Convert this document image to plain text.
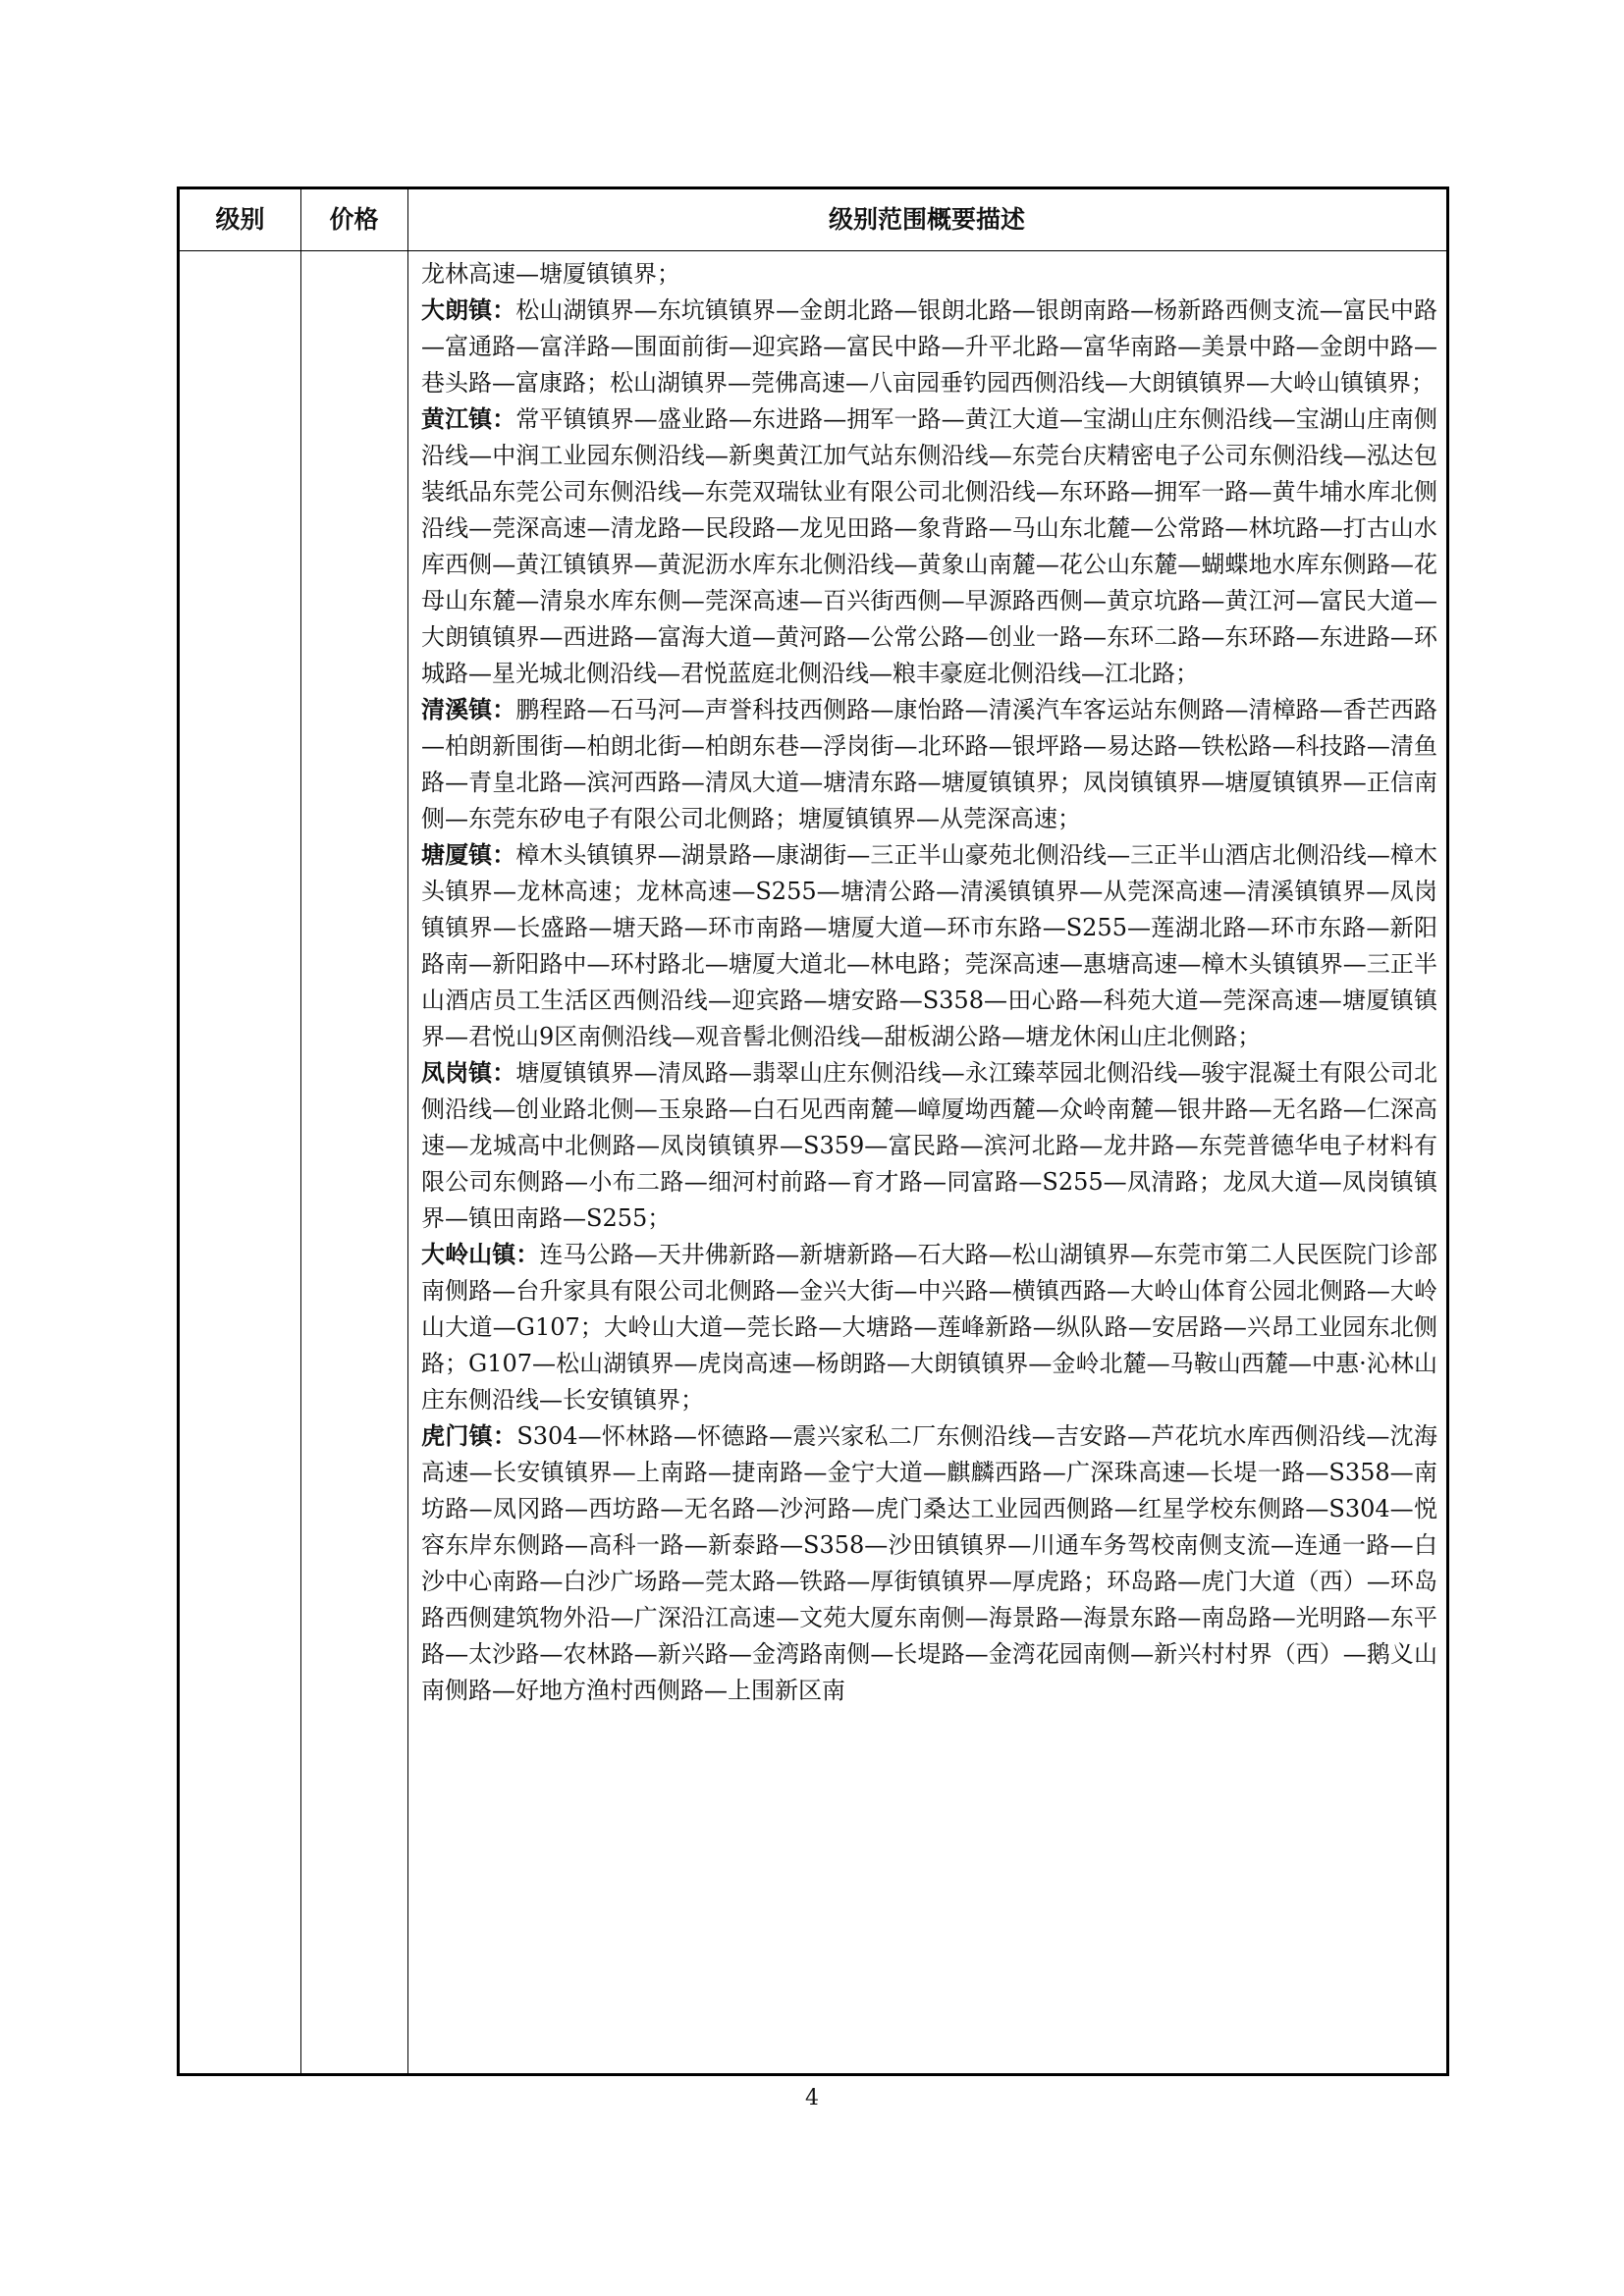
级别	价格	级别范围概要描述

龙林高速—塘厦镇镇界；

大朗镇：松山湖镇界—东坑镇镇界—金朗北路—银朗北路—银朗南路—杨新路西侧支流—富民中路—富通路—富洋路—围面前街—迎宾路—富民中路—升平北路—富华南路—美景中路—金朗中路—巷头路—富康路；松山湖镇界—莞佛高速—八亩园垂钓园西侧沿线—大朗镇镇界—大岭山镇镇界；

黄江镇：常平镇镇界—盛业路—东进路—拥军一路—黄江大道—宝湖山庄东侧沿线—宝湖山庄南侧沿线—中润工业园东侧沿线—新奥黄江加气站东侧沿线—东莞台庆精密电子公司东侧沿线—泓达包装纸品东莞公司东侧沿线—东莞双瑞钛业有限公司北侧沿线—东环路—拥军一路—黄牛埔水库北侧沿线—莞深高速—清龙路—民段路—龙见田路—象背路—马山东北麓—公常路—林坑路—打古山水库西侧—黄江镇镇界—黄泥沥水库东北侧沿线—黄象山南麓—花公山东麓—蝴蝶地水库东侧路—花母山东麓—清泉水库东侧—莞深高速—百兴街西侧—早源路西侧—黄京坑路—黄江河—富民大道—大朗镇镇界—西进路—富海大道—黄河路—公常公路—创业一路—东环二路—东环路—东进路—环城路—星光城北侧沿线—君悦蓝庭北侧沿线—粮丰豪庭北侧沿线—江北路；

清溪镇：鹏程路—石马河—声誉科技西侧路—康怡路—清溪汽车客运站东侧路—清樟路—香芒西路—柏朗新围街—柏朗北街—柏朗东巷—浮岗街—北环路—银坪路—易达路—铁松路—科技路—清鱼路—青皇北路—滨河西路—清凤大道—塘清东路—塘厦镇镇界；凤岗镇镇界—塘厦镇镇界—正信南侧—东莞东矽电子有限公司北侧路；塘厦镇镇界—从莞深高速；

塘厦镇：樟木头镇镇界—湖景路—康湖街—三正半山豪苑北侧沿线—三正半山酒店北侧沿线—樟木头镇界—龙林高速；龙林高速—S255—塘清公路—清溪镇镇界—从莞深高速—清溪镇镇界—凤岗镇镇界—长盛路—塘天路—环市南路—塘厦大道—环市东路—S255—莲湖北路—环市东路—新阳路南—新阳路中—环村路北—塘厦大道北—林电路；莞深高速—惠塘高速—樟木头镇镇界—三正半山酒店员工生活区西侧沿线—迎宾路—塘安路—S358—田心路—科苑大道—莞深高速—塘厦镇镇界—君悦山9区南侧沿线—观音髻北侧沿线—甜板湖公路—塘龙休闲山庄北侧路；

凤岗镇：塘厦镇镇界—清凤路—翡翠山庄东侧沿线—永江臻萃园北侧沿线—骏宇混凝土有限公司北侧沿线—创业路北侧—玉泉路—白石见西南麓—嶂厦坳西麓—众岭南麓—银井路—无名路—仁深高速—龙城高中北侧路—凤岗镇镇界—S359—富民路—滨河北路—龙井路—东莞普德华电子材料有限公司东侧路—小布二路—细河村前路—育才路—同富路—S255—凤清路；龙凤大道—凤岗镇镇界—镇田南路—S255；

大岭山镇：连马公路—天井佛新路—新塘新路—石大路—松山湖镇界—东莞市第二人民医院门诊部南侧路—台升家具有限公司北侧路—金兴大街—中兴路—横镇西路—大岭山体育公园北侧路—大岭山大道—G107；大岭山大道—莞长路—大塘路—莲峰新路—纵队路—安居路—兴昂工业园东北侧路；G107—松山湖镇界—虎岗高速—杨朗路—大朗镇镇界—金岭北麓—马鞍山西麓—中惠·沁林山庄东侧沿线—长安镇镇界；

虎门镇：S304—怀林路—怀德路—震兴家私二厂东侧沿线—吉安路—芦花坑水库西侧沿线—沈海高速—长安镇镇界—上南路—捷南路—金宁大道—麒麟西路—广深珠高速—长堤一路—S358—南坊路—凤冈路—西坊路—无名路—沙河路—虎门桑达工业园西侧路—红星学校东侧路—S304—悦容东岸东侧路—高科一路—新泰路—S358—沙田镇镇界—川通车务驾校南侧支流—连通一路—白沙中心南路—白沙广场路—莞太路—铁路—厚街镇镇界—厚虎路；环岛路—虎门大道（西）—环岛路西侧建筑物外沿—广深沿江高速—文苑大厦东南侧—海景路—海景东路—南岛路—光明路—东平路—太沙路—农林路—新兴路—金湾路南侧—长堤路—金湾花园南侧—新兴村村界（西）—鹅义山南侧路—好地方渔村西侧路—上围新区南

4
